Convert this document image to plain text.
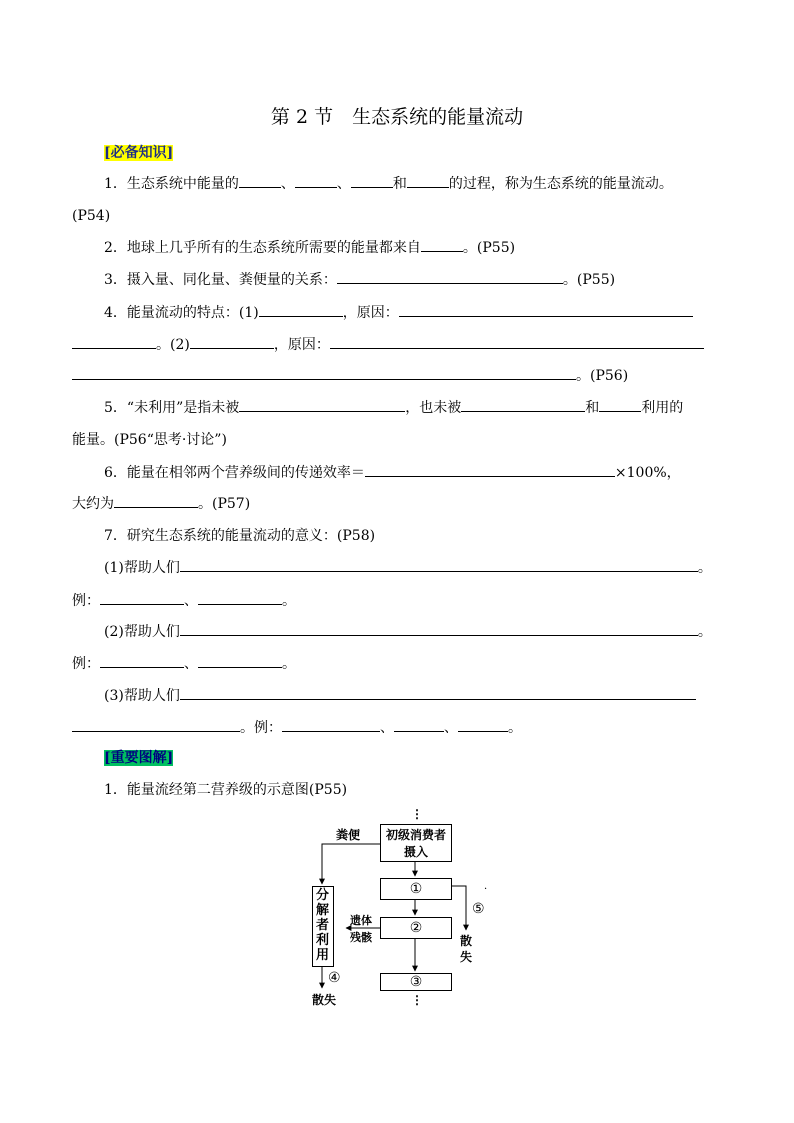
第 2 节　生态系统的能量流动
[必备知识]
1．生态系统中能量的	、	、	和	的过程，称为生态系统的能量流动。
(P54)
2．地球上几乎所有的生态系统所需要的能量都来自	。(P55)
3．摄入量、同化量、粪便量的关系：	。(P55)
4．能量流动的特点：(1)	，原因：
。(2)	，原因：
。(P56)
5．“未利用”是指未被	，也未被	和	利用的
能量。(P56“思考·讨论”)
6．能量在相邻两个营养级间的传递效率＝	×100%，
大约为	。(P57)
7．研究生态系统的能量流动的意义：(P58)
(1)帮助人们	。
例：	、	。
(2)帮助人们	。
例：	、	。
(3)帮助人们
。例：	、	、	。
[重要图解]
1．能量流经第二营养级的示意图(P55)
⋮
粪便	初级消费者
摄入
①
②
③
⋮
分
解
者
利
用
遗体
残骸
④
散失
⑤
·
散
失
